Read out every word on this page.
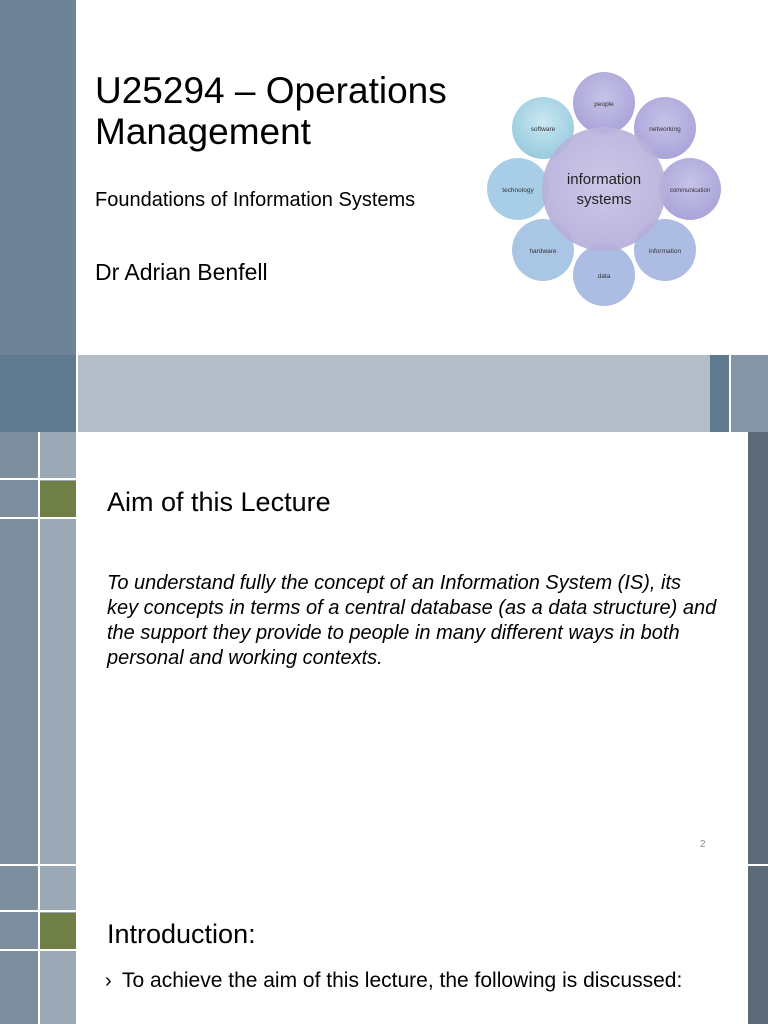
U25294 – Operations
Management
Foundations of Information Systems
Dr Adrian Benfell
information
systems
people
networking
communication
information
data
hardware
technology
software
Aim of this Lecture
To understand fully the concept of an Information System (IS), its key concepts in terms of a central database (as a data structure) and the support they provide to people in many different ways in both personal and working contexts.
2
Introduction:
› To achieve the aim of this lecture, the following is discussed:
